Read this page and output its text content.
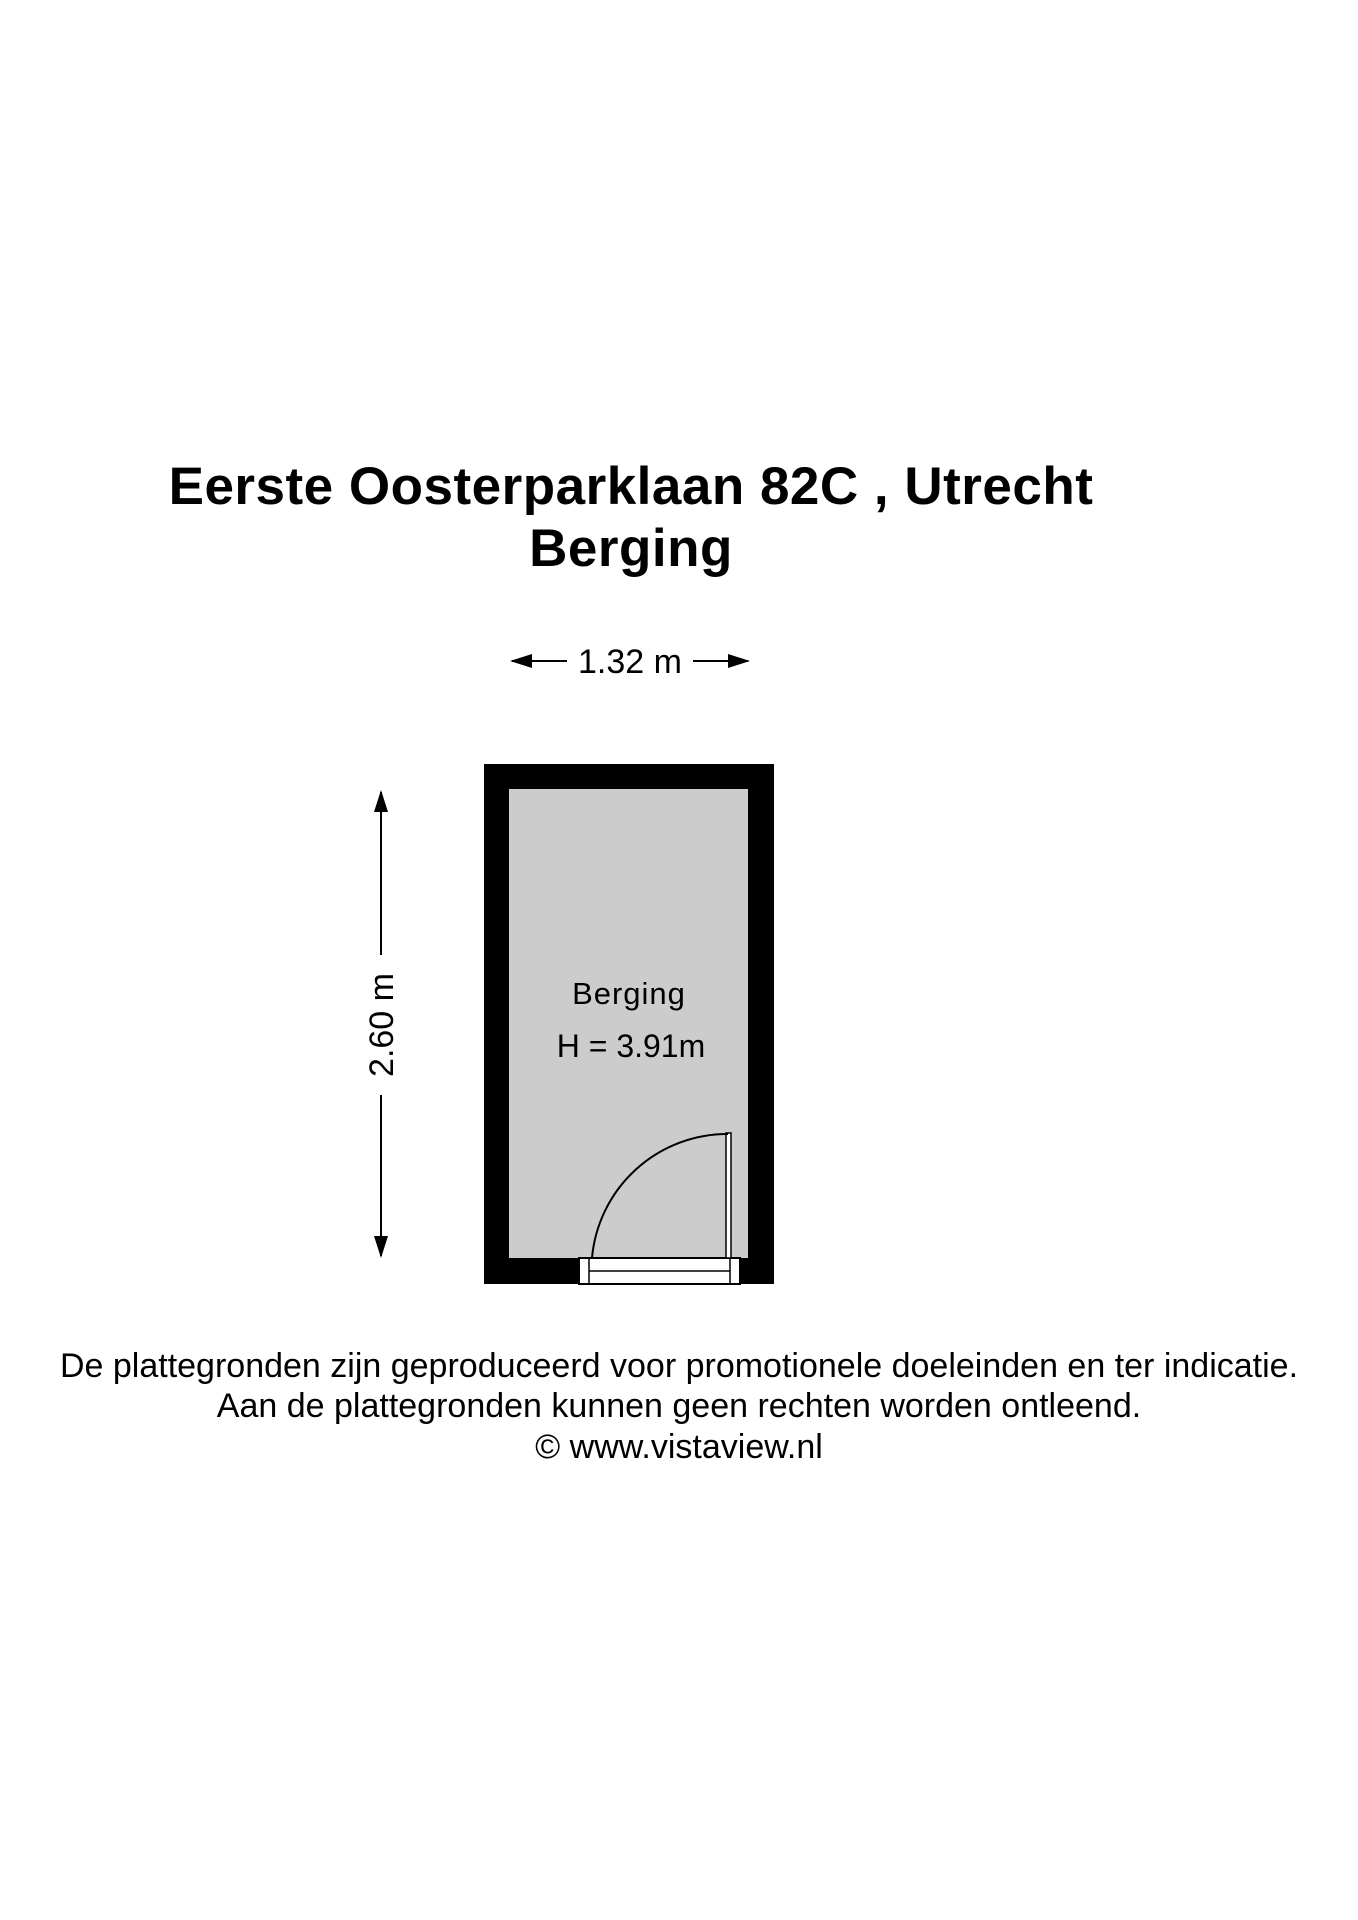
Eerste Oosterparklaan 82C , Utrecht
Berging
1.32 m
2.60 m	Berging
H = 3.91m
De plattegronden zijn geproduceerd voor promotionele doeleinden en ter indicatie.
Aan de plattegronden kunnen geen rechten worden ontleend.
© www.vistaview.nl
